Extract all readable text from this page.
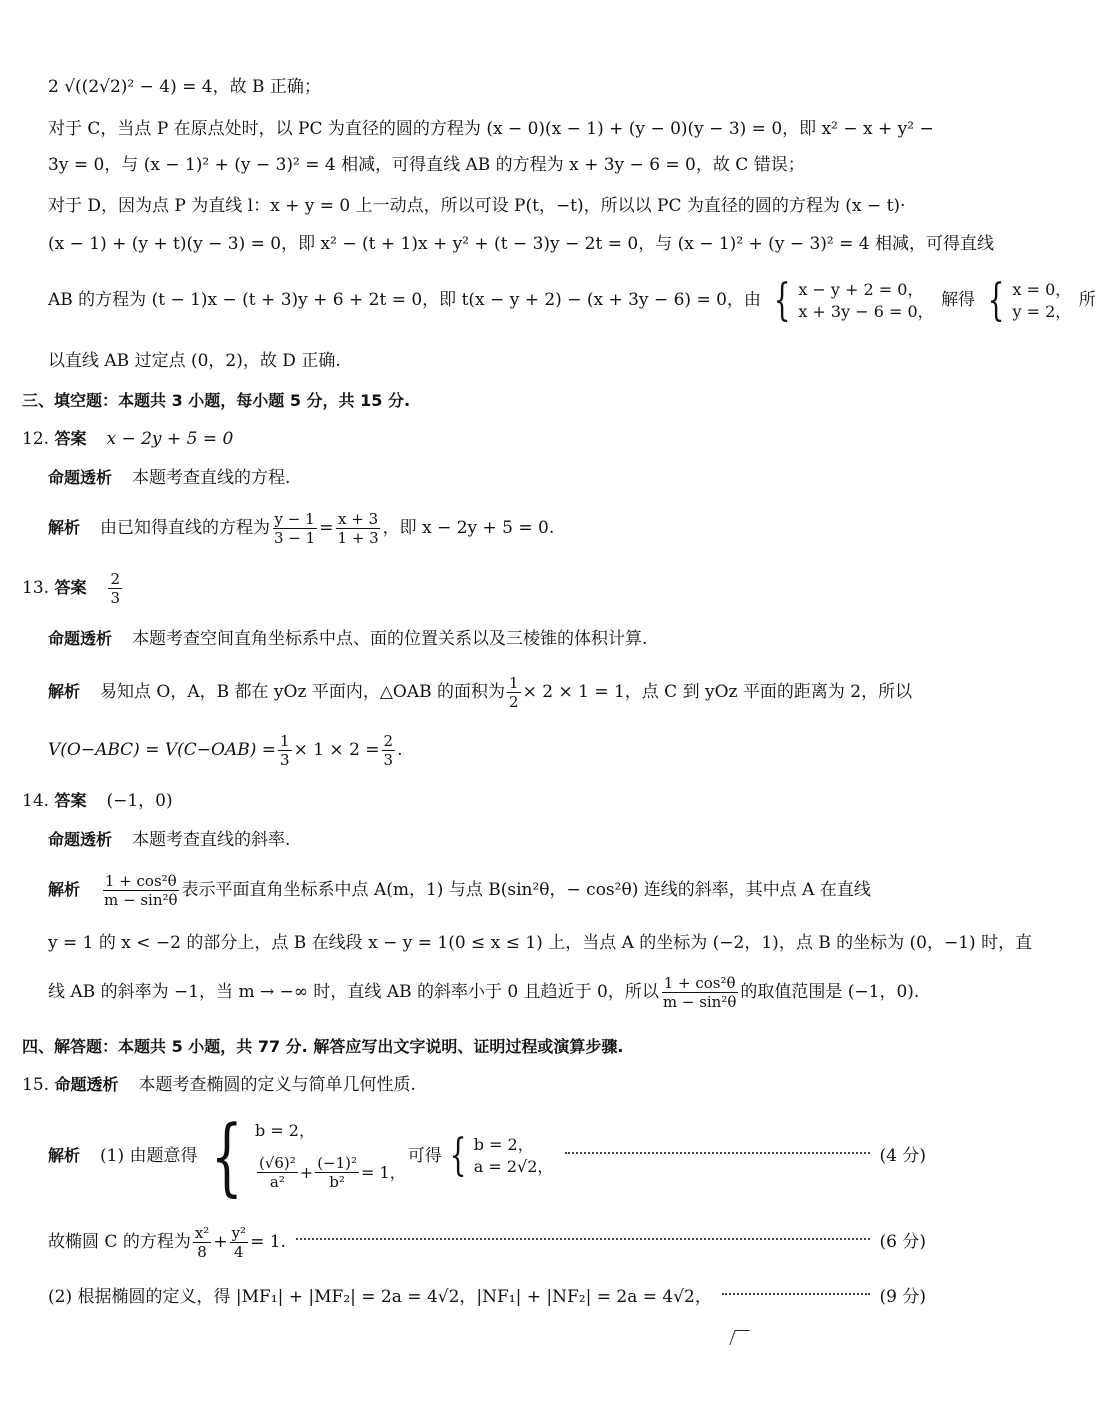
2 √((2√2)² − 4) = 4，故 B 正确；
对于 C，当点 P 在原点处时，以 PC 为直径的圆的方程为 (x − 0)(x − 1) + (y − 0)(y − 3) = 0，即 x² − x + y² −
3y = 0，与 (x − 1)² + (y − 3)² = 4 相减，可得直线 AB 的方程为 x + 3y − 6 = 0，故 C 错误；
对于 D，因为点 P 为直线 l：x + y = 0 上一动点，所以可设 P(t，−t)，所以以 PC 为直径的圆的方程为 (x − t)·
(x − 1) + (y + t)(y − 3) = 0，即 x² − (t + 1)x + y² + (t − 3)y − 2t = 0，与 (x − 1)² + (y − 3)² = 4 相减，可得直线
AB 的方程为 (t − 1)x − (t + 3)y + 6 + 2t = 0，即 t(x − y + 2) − (x + 3y − 6) = 0，由 { x − y + 2 = 0，
x + 3y − 6 = 0，
解得 { x = 0，
y = 2，
所
以直线 AB 过定点 (0，2)，故 D 正确.
三、填空题：本题共 3 小题，每小题 5 分，共 15 分.
12. 答案 x − 2y + 5 = 0
命题透析 本题考查直线的方程.
解析 由已知得直线的方程为 $\frac{y - 1}{3 - 1} = \frac{x + 3}{1 + 3}$ ，即 x − 2y + 5 = 0.
13. 答案 $\frac{2}{3}$
命题透析 本题考查空间直角坐标系中点、面的位置关系以及三棱锥的体积计算.
解析 易知点 O，A，B 都在 yOz 平面内，△OAB 的面积为 $\frac{1}{2} \times 2 \times 1 = 1$，点 C 到 yOz 平面的距离为 2，所以
$V(O-ABC) = V(C-OAB) = \frac{1}{3} \times 1 \times 2 = \frac{2}{3}$ .
14. 答案 (−1，0)
命题透析 本题考查直线的斜率.
解析 $\frac{\text{1 + cos²θ}}{\text{m − sin²θ}}$ 表示平面直角坐标系中点 A(m，1) 与点 B(sin²θ，− cos²θ) 连线的斜率，其中点 A 在直线
y = 1 的 x < −2 的部分上，点 B 在线段 x − y = 1(0 ≤ x ≤ 1) 上，当点 A 的坐标为 (−2，1)，点 B 的坐标为 (0，−1) 时，直
线 AB 的斜率为 −1，当 m → −∞ 时，直线 AB 的斜率小于 0 且趋近于 0，所以 $\frac{\text{1 + cos²θ}}{\text{m − sin²θ}}$ 的取值范围是 (−1，0).
四、解答题：本题共 5 小题，共 77 分. 解答应写出文字说明、证明过程或演算步骤.
15. 命题透析 本题考查椭圆的定义与简单几何性质.
解析 (1) 由题意得 { b = 2，
$\frac{\text{(√6)²}}{\text{a²}} + \frac{\text{(−1)²}}{\text{b²}} = 1$，
可得 { b = 2，
a = 2√2，
(4 分)
故椭圆 C 的方程为 $\frac{\text{x²}}{8} + \frac{\text{y²}}{4} = 1$.	(6 分)
(2) 根据椭圆的定义，得 |MF₁| + |MF₂| = 2a = 4√2，|NF₁| + |NF₂| = 2a = 4√2，	(9 分)
